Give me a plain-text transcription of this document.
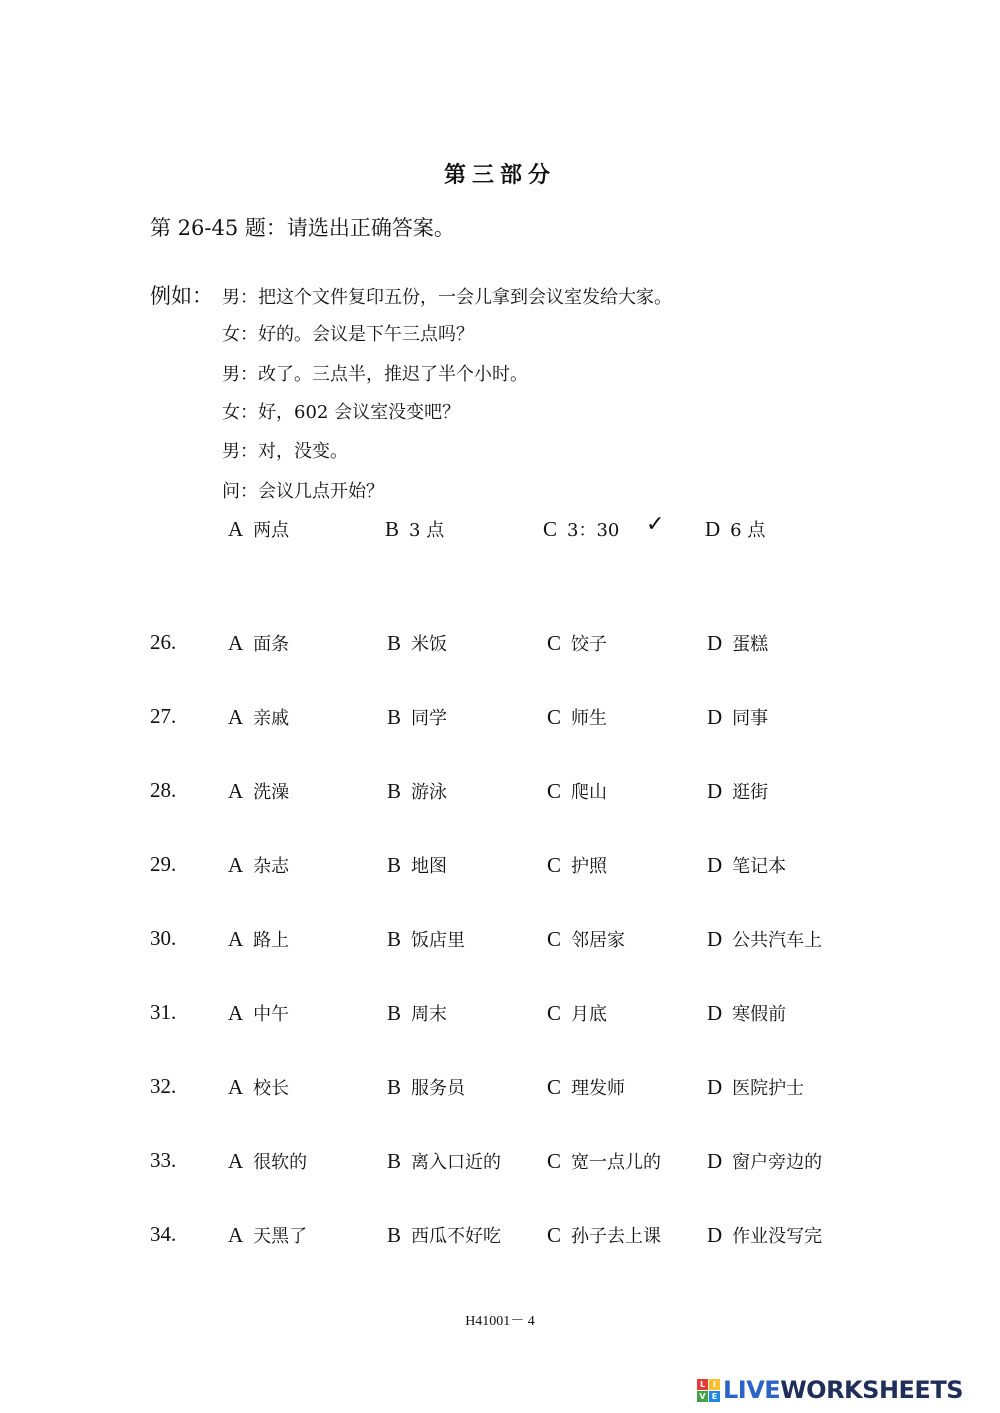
第三部分
第 26-45 题：请选出正确答案。
例如： 男：把这个文件复印五份，一会儿拿到会议室发给大家。
女：好的。会议是下午三点吗？
男：改了。三点半，推迟了半个小时。
女：好，602 会议室没变吧？
男：对，没变。
问：会议几点开始？
A 两点	B 3 点	C 3：30 ✓ D 6 点
26. A 面条	B 米饭	C 饺子	D 蛋糕
27. A 亲戚	B 同学	C 师生	D 同事
28. A 洗澡	B 游泳	C 爬山	D 逛街
29. A 杂志	B 地图	C 护照	D 笔记本
30. A 路上	B 饭店里	C 邻居家	D 公共汽车上
31. A 中午	B 周末	C 月底	D 寒假前
32. A 校长	B 服务员	C 理发师	D 医院护士
33. A 很软的	B 离入口近的 C 宽一点儿的 D 窗户旁边的
34. A 天黑了	B 西瓜不好吃 C 孙子去上课 D 作业没写完
H41001－ 4
L I
V E LIVE WORKSHEETS
